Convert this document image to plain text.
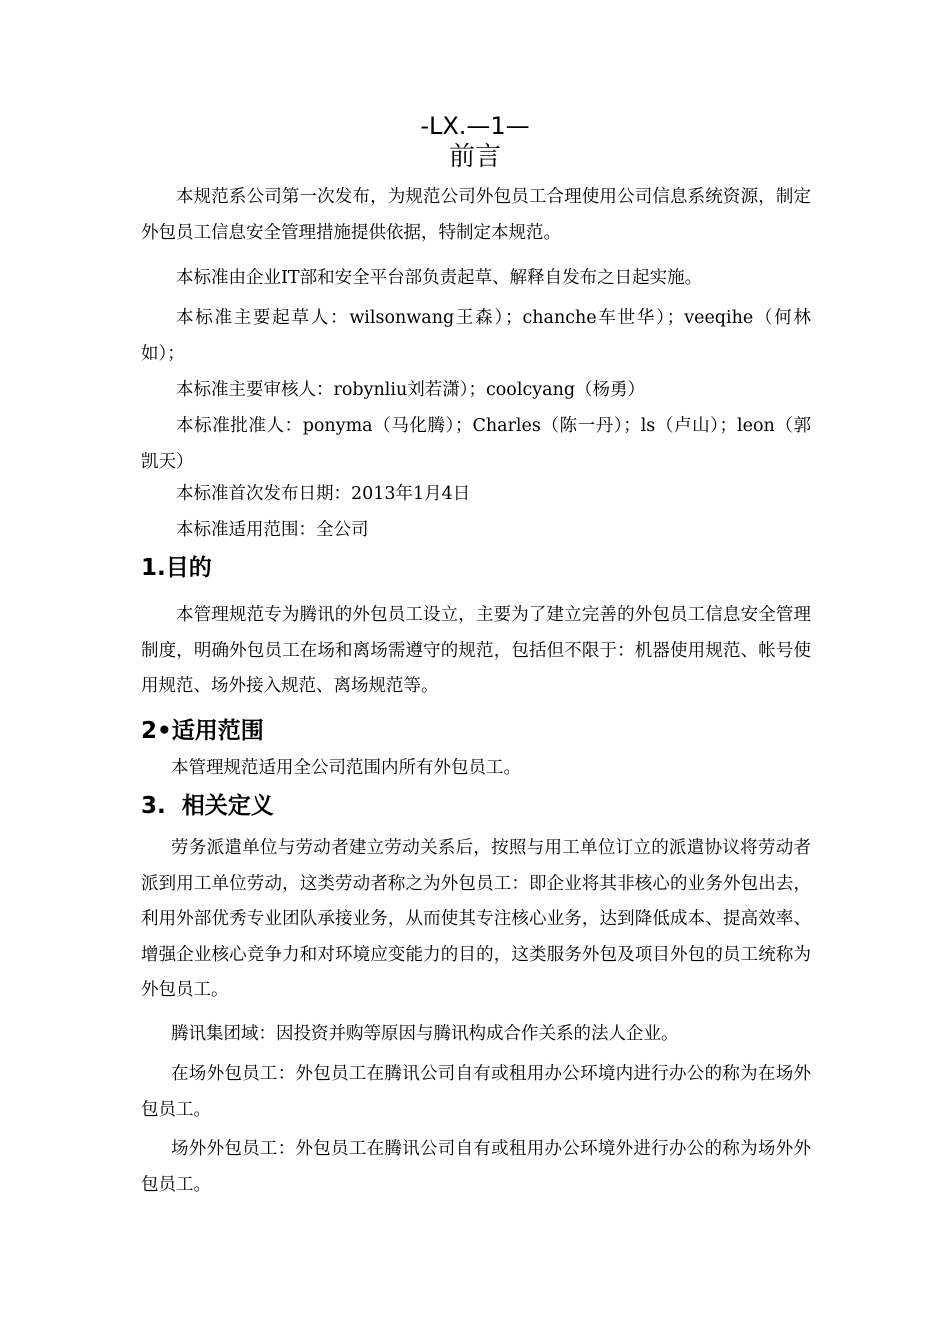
-LX.—1—
前言

本规范系公司第一次发布，为规范公司外包员工合理使用公司信息系统资源，制定外包员工信息安全管理措施提供依据，特制定本规范。

本标准由企业IT部和安全平台部负责起草、解释自发布之日起实施。

本标准主要起草人：wilsonwang王森）；chanche车世华）；veeqihe（何林如）；

本标准主要审核人：robynliu刘若潇）；coolcyang（杨勇）

本标准批准人：ponyma（马化腾）；Charles（陈一丹）；ls（卢山）；leon（郭凯天）

本标准首次发布日期：2013年1月4日

本标准适用范围：全公司

1.目的

本管理规范专为腾讯的外包员工设立，主要为了建立完善的外包员工信息安全管理制度，明确外包员工在场和离场需遵守的规范，包括但不限于：机器使用规范、帐号使用规范、场外接入规范、离场规范等。

2•适用范围

本管理规范适用全公司范围内所有外包员工。

3.  相关定义

劳务派遣单位与劳动者建立劳动关系后，按照与用工单位订立的派遣协议将劳动者派到用工单位劳动，这类劳动者称之为外包员工：即企业将其非核心的业务外包出去，利用外部优秀专业团队承接业务，从而使其专注核心业务，达到降低成本、提高效率、增强企业核心竞争力和对环境应变能力的目的，这类服务外包及项目外包的员工统称为外包员工。

腾讯集团域：因投资并购等原因与腾讯构成合作关系的法人企业。

在场外包员工：外包员工在腾讯公司自有或租用办公环境内进行办公的称为在场外包员工。

场外外包员工：外包员工在腾讯公司自有或租用办公环境外进行办公的称为场外外包员工。
